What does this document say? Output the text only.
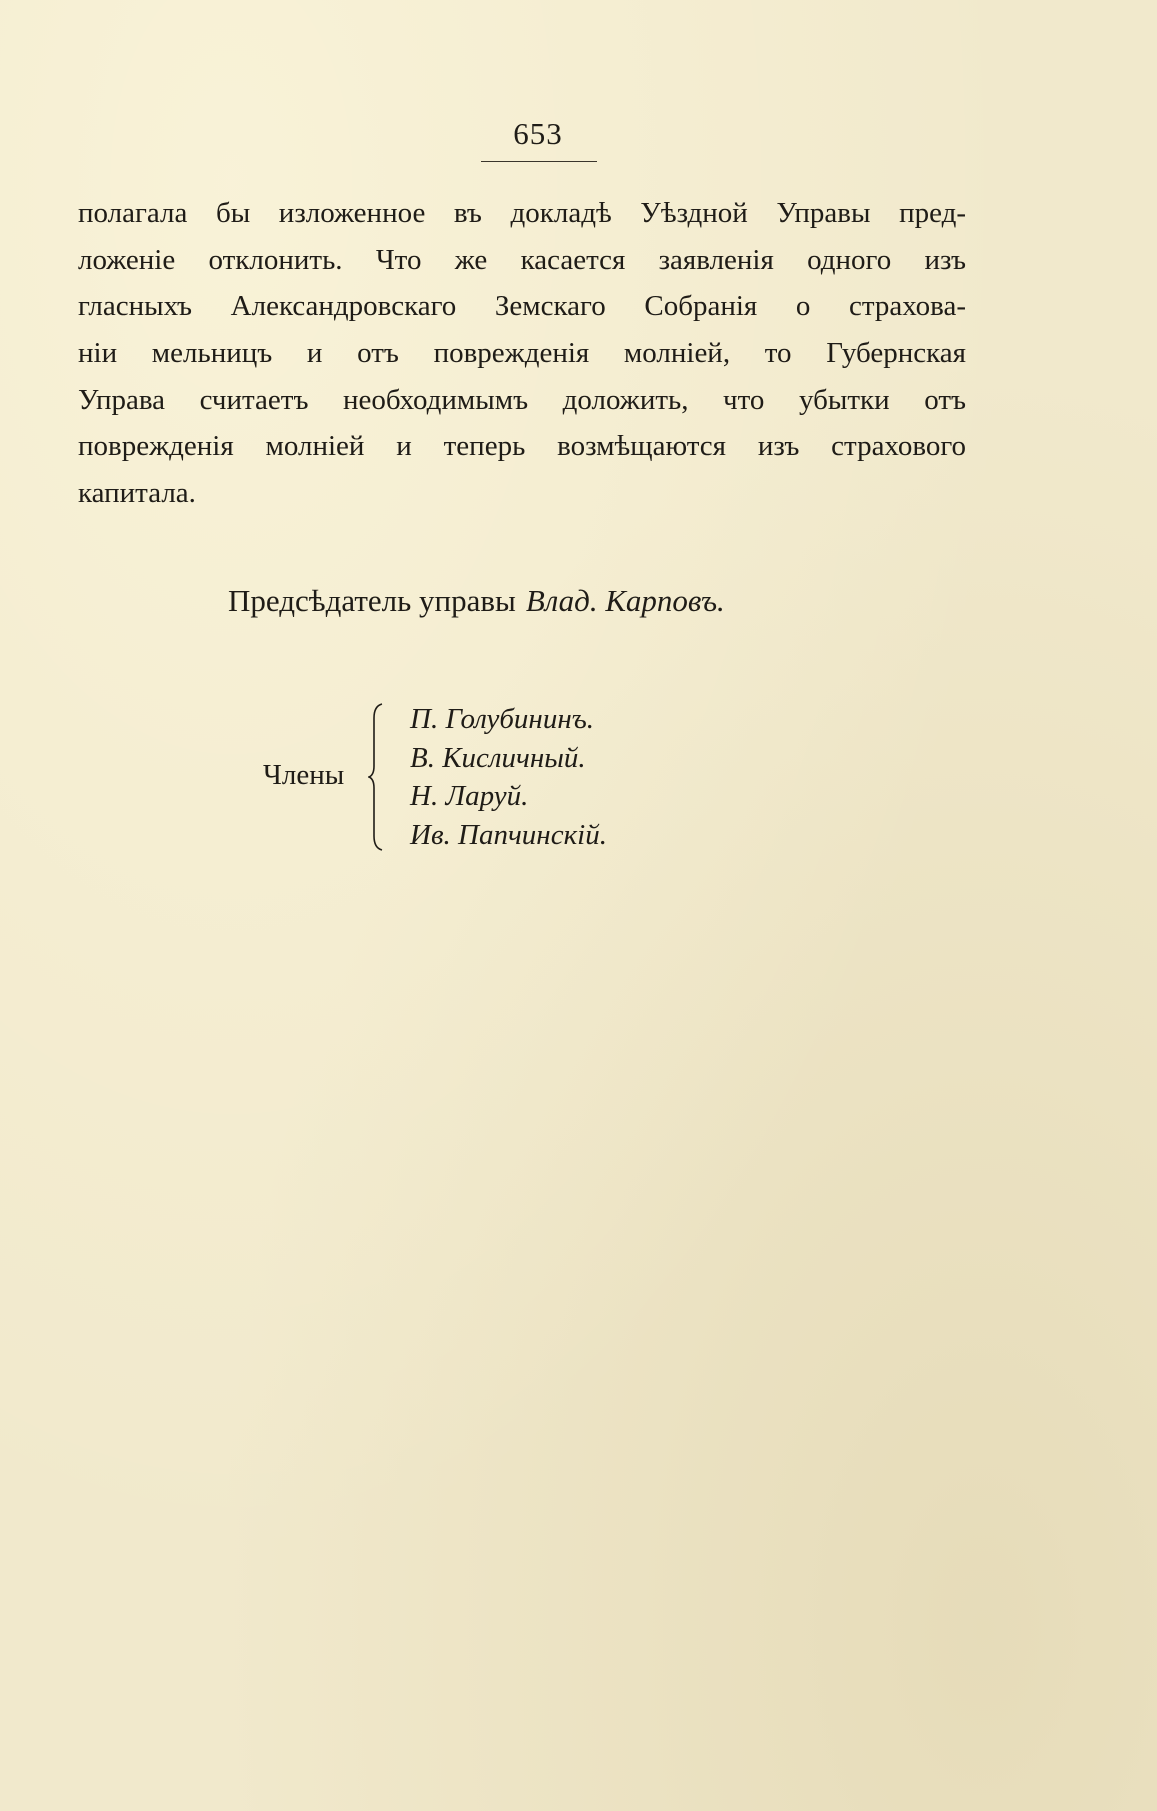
653

полагала бы изложенное въ докладѣ Уѣздной Управы пред-
ложеніе отклонить. Что же касается заявленія одного изъ
гласныхъ Александровскаго Земскаго Собранія о страхова-
ніи мельницъ и отъ поврежденія молніей, то Губернская
Управа считаетъ необходимымъ доложить, что убытки отъ
поврежденія молніей и теперь возмѣщаются изъ страхового
капитала.

Предсѣдатель управы Влад. Карповъ.
Члены
П. Голубининъ.
В. Кисличный.
Н. Ларуй.
Ив. Папчинскій.
